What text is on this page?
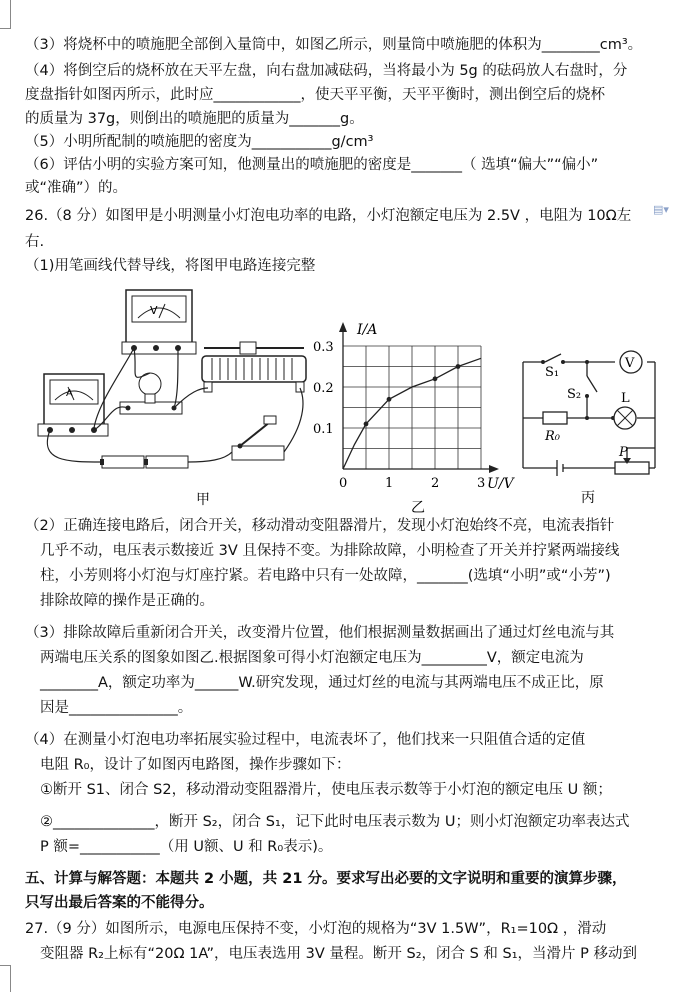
▤▾
（3）将烧杯中的喷施肥全部倒入量筒中，如图乙所示，则量筒中喷施肥的体积为________cm³。
（4）将倒空后的烧杯放在天平左盘，向右盘加减砝码，当将最小为 5g 的砝码放人右盘时，分
度盘指针如图丙所示，此时应____________，使天平平衡，天平平衡时，测出倒空后的烧杯
的质量为 37g，则倒出的喷施肥的质量为_______g。
（5）小明所配制的喷施肥的密度为___________g/cm³
（6）评估小明的实验方案可知，他测量出的喷施肥的密度是_______（ 选填“偏大”“偏小”
或“准确”）的。
26.（8 分）如图甲是小明测量小灯泡电功率的电路，小灯泡额定电压为 2.5V ，电阻为 10Ω左
右.
（1)用笔画线代替导线，将图甲电路连接完整
V
A
甲
0.3
0.2
0.1
0	1	2	3
I/A
U/V
乙
V
S₁
S₂	L
R₀
P
丙
（2）正确连接电路后，闭合开关，移动滑动变阻器滑片，发现小灯泡始终不亮，电流表指针
几乎不动，电压表示数接近 3V 且保持不变。为排除故障，小明检查了开关并拧紧两端接线
柱，小芳则将小灯泡与灯座拧紧。若电路中只有一处故障，_______(选填“小明”或“小芳”)
排除故障的操作是正确的。
（3）排除故障后重新闭合开关，改变滑片位置，他们根据测量数据画出了通过灯丝电流与其
两端电压关系的图象如图乙.根据图象可得小灯泡额定电压为_________V，额定电流为
________A，额定功率为______W.研究发现，通过灯丝的电流与其两端电压不成正比，原
因是_______________。
（4）在测量小灯泡电功率拓展实验过程中，电流表坏了，他们找来一只阻值合适的定值
电阻 R₀，设计了如图丙电路图，操作步骤如下：
①断开 S1、闭合 S2，移动滑动变阻器滑片，使电压表示数等于小灯泡的额定电压 U 额；
②______________，断开 S₂，闭合 S₁，记下此时电压表示数为 U；则小灯泡额定功率表达式
P 额=___________（用 U额、U 和 R₀表示)。
五、计算与解答题：本题共 2 小题，共 21 分。要求写出必要的文字说明和重要的演算步骤，
只写出最后答案的不能得分。
27.（9 分）如图所示，电源电压保持不变，小灯泡的规格为“3V 1.5W”，R₁=10Ω ，滑动
变阻器 R₂上标有“20Ω 1A”，电压表选用 3V 量程。断开 S₂，闭合 S 和 S₁，当滑片 P 移动到
